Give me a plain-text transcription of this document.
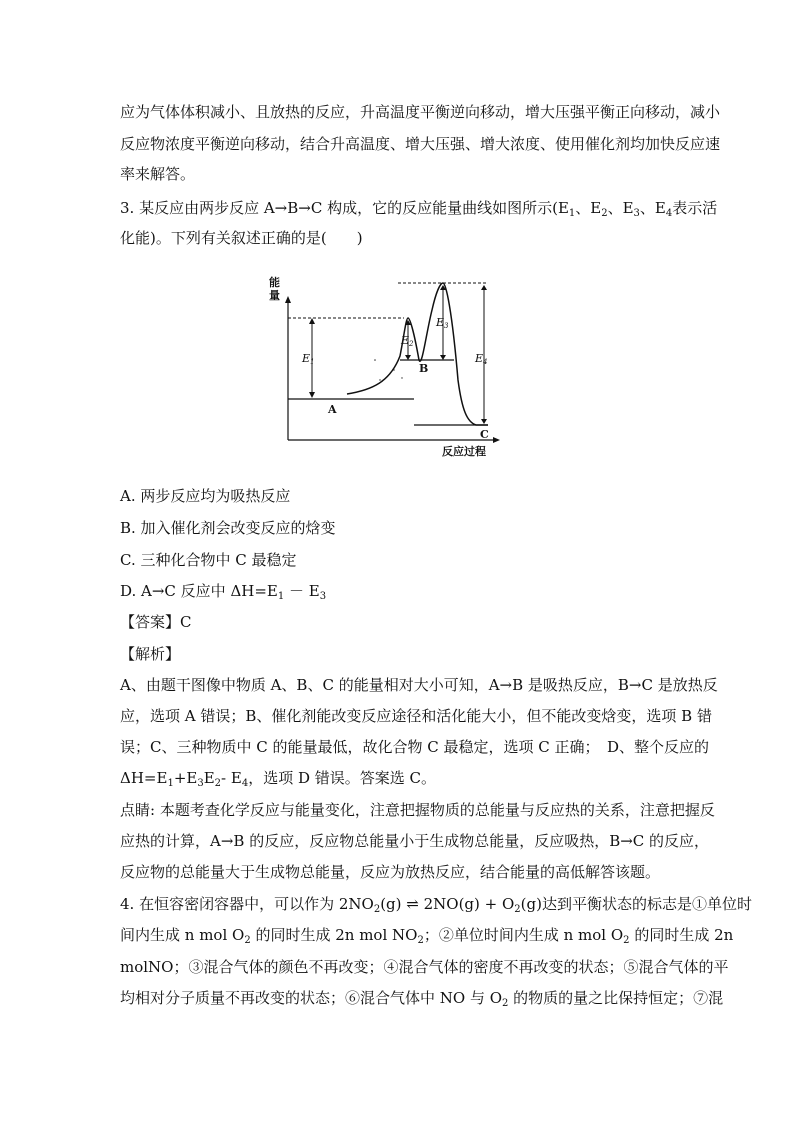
应为气体体积减小、且放热的反应，升高温度平衡逆向移动，增大压强平衡正向移动，减小
反应物浓度平衡逆向移动，结合升高温度、增大压强、增大浓度、使用催化剂均加快反应速
率来解答。
3. 某反应由两步反应 A→B→C 构成，它的反应能量曲线如图所示($E_1$、$E_2$、$E_3$、$E_4$表示活
化能)。下列有关叙述正确的是(　　)
能
量
反应过程
E1
E2
E3
E4
A
B
C
A. 两步反应均为吸热反应
B. 加入催化剂会改变反应的焓变
C. 三种化合物中 C 最稳定
D. A→C 反应中 $\Delta H=E_1 - E_3$
【答案】C
【解析】
A、由题干图像中物质 A、B、C 的能量相对大小可知，A→B 是吸热反应，B→C 是放热反
应，选项 A 错误；B、催化剂能改变反应途径和活化能大小，但不能改变焓变，选项 B 错
误；C、三种物质中 C 的能量最低，故化合物 C 最稳定，选项 C 正确；　D、整个反应的
$\Delta H=E_1+E_3E_2-$ $E_4$，选项 D 错误。答案选 C。
点睛: 本题考查化学反应与能量变化，注意把握物质的总能量与反应热的关系，注意把握反
应热的计算，A→B 的反应，反应物总能量小于生成物总能量，反应吸热，B→C 的反应，
反应物的总能量大于生成物总能量，反应为放热反应，结合能量的高低解答该题。
4. 在恒容密闭容器中，可以作为 $2NO_2(g)$ ⇌ $2NO(g) + O_2(g)$达到平衡状态的标志是①单位时
间内生成 n mol $O_2$ 的同时生成 2n mol $NO_2$；②单位时间内生成 n mol $O_2$ 的同时生成 2n
molNO；③混合气体的颜色不再改变；④混合气体的密度不再改变的状态；⑤混合气体的平
均相对分子质量不再改变的状态；⑥混合气体中 NO 与 $O_2$ 的物质的量之比保持恒定；⑦混
